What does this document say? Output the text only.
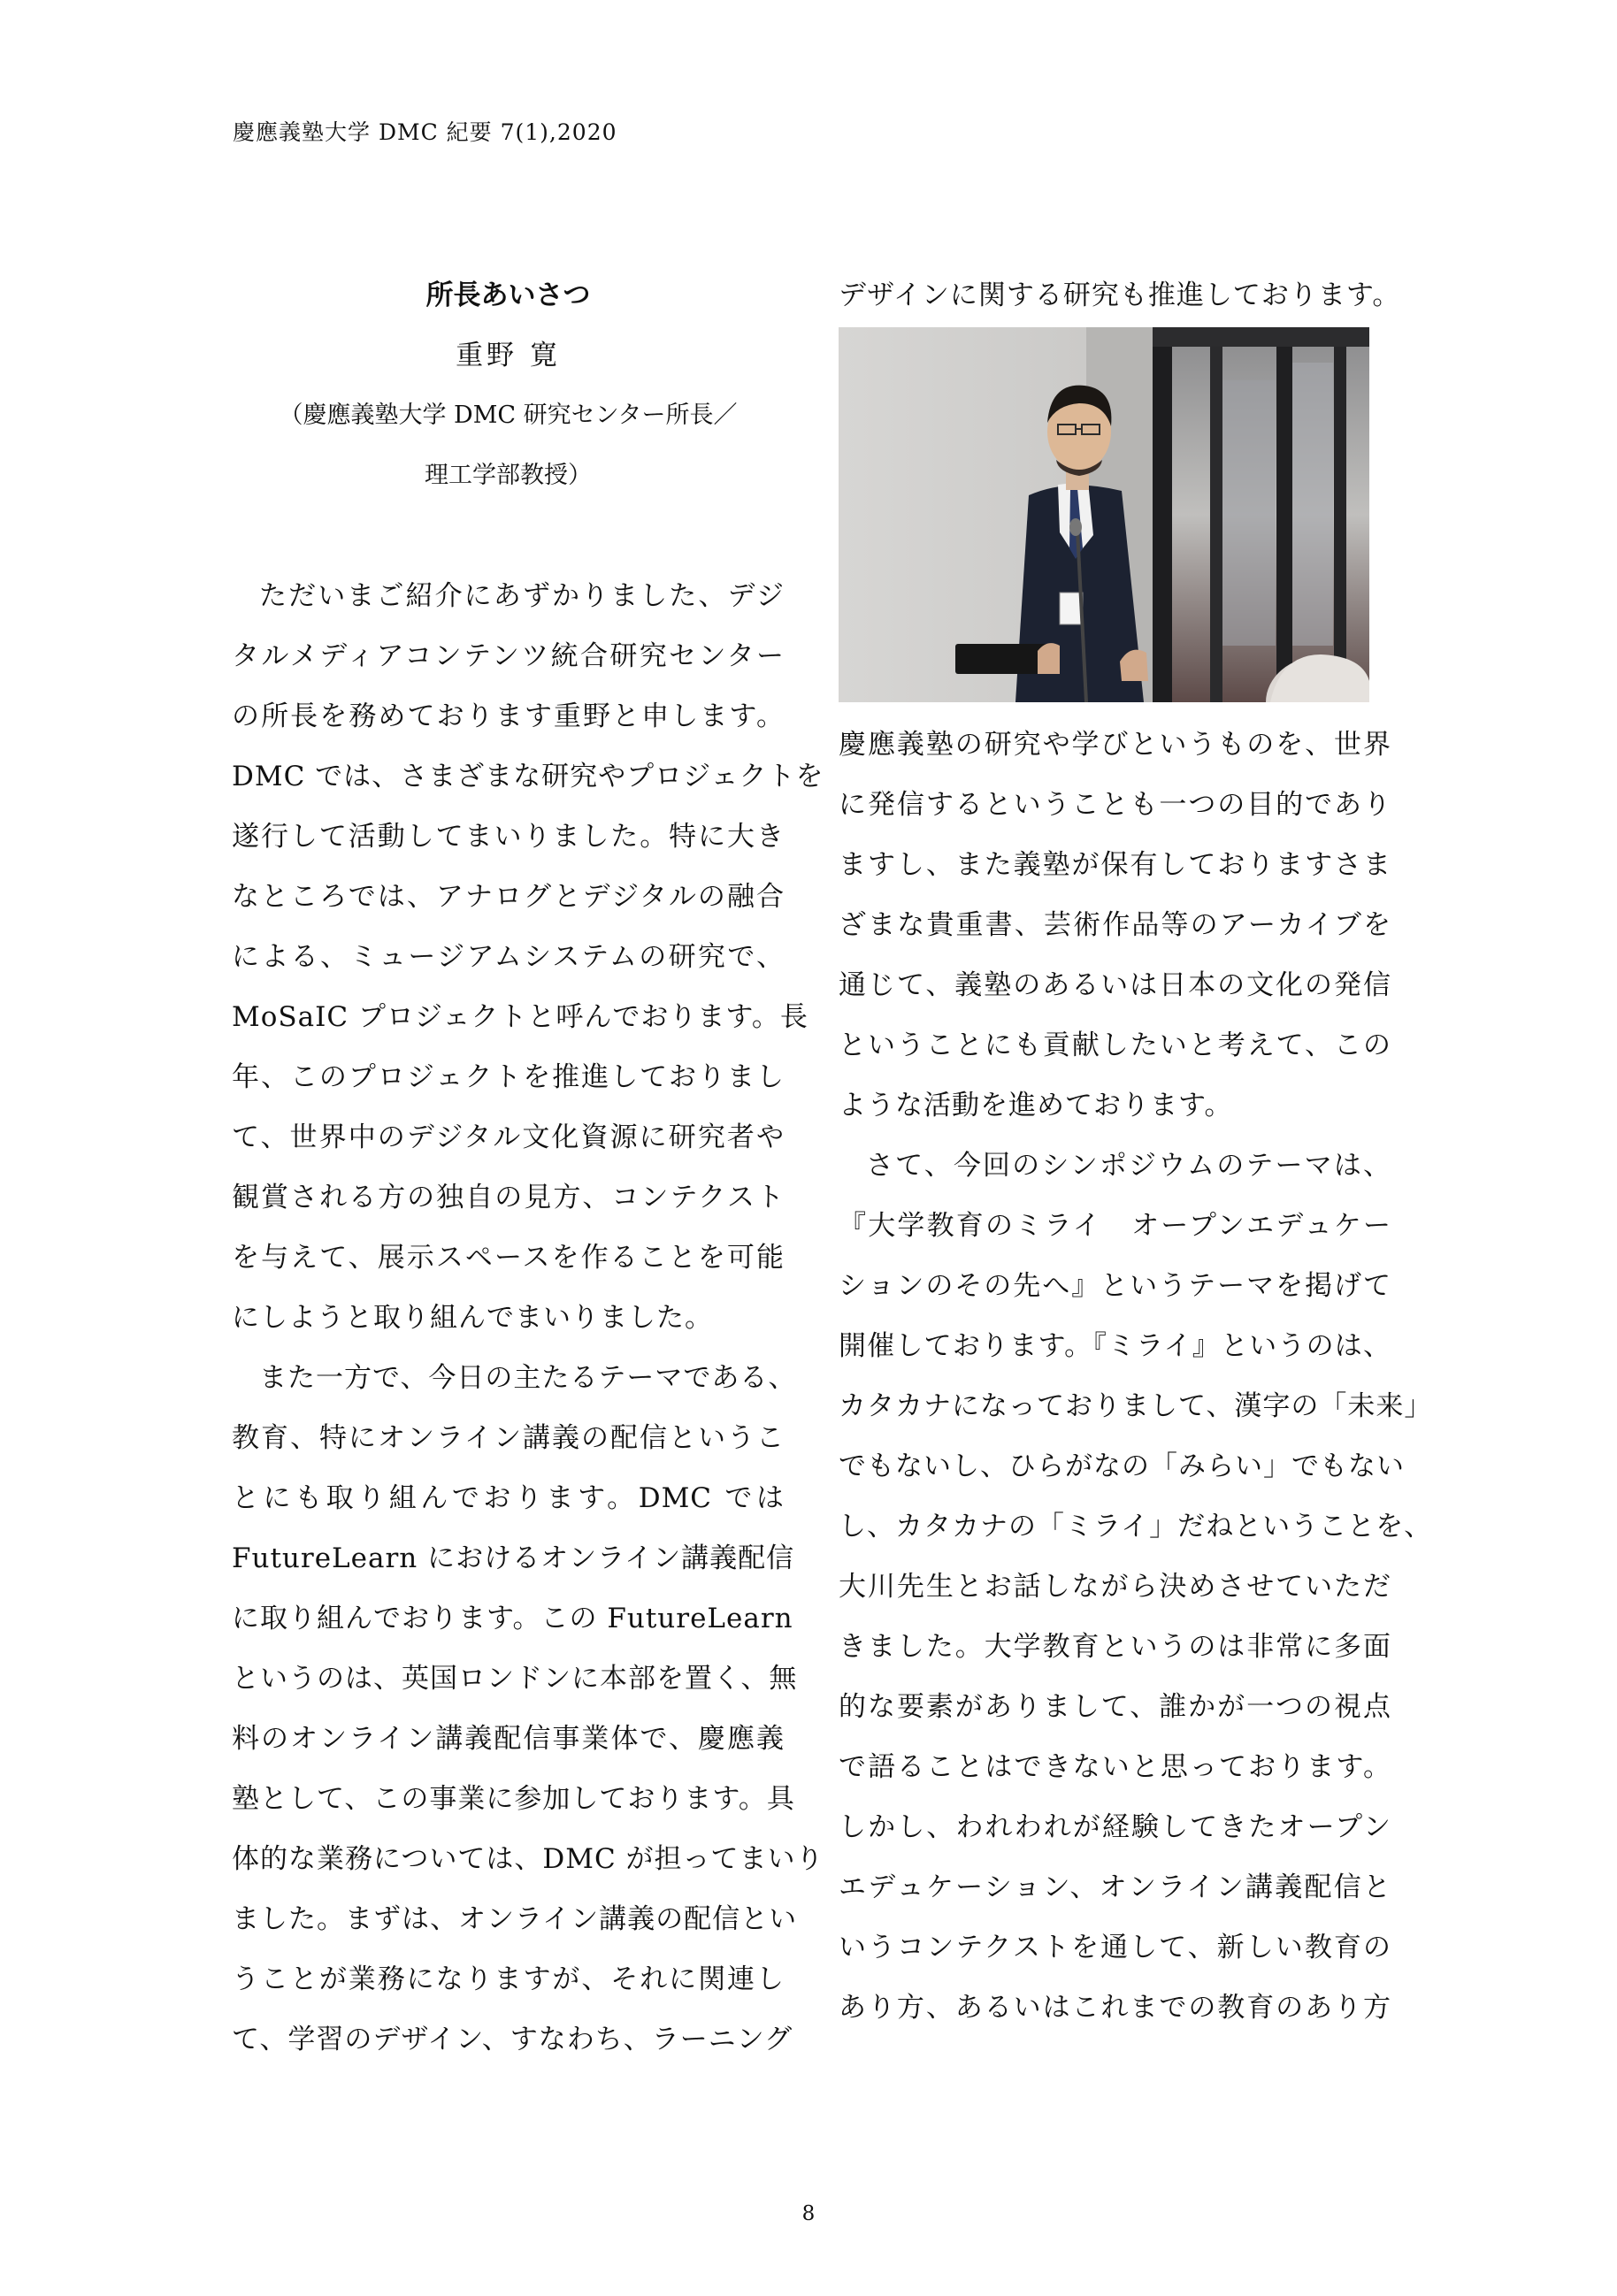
慶應義塾大学 DMC 紀要 7(1),2020
所長あいさつ
重野 寛
（慶應義塾大学 DMC 研究センター所長／
理工学部教授）
ただいまご紹介にあずかりました、デジ
タルメディアコンテンツ統合研究センター
の所長を務めております重野と申します。
DMC では、さまざまな研究やプロジェクトを
遂行して活動してまいりました。特に大き
なところでは、アナログとデジタルの融合
による、ミュージアムシステムの研究で、
MoSaIC プロジェクトと呼んでおります。長
年、このプロジェクトを推進しておりまし
て、世界中のデジタル文化資源に研究者や
観賞される方の独自の見方、コンテクスト
を与えて、展示スペースを作ることを可能
にしようと取り組んでまいりました。
また一方で、今日の主たるテーマである、
教育、特にオンライン講義の配信というこ
とにも取り組んでおります。DMC では
FutureLearn におけるオンライン講義配信
に取り組んでおります。この FutureLearn
というのは、英国ロンドンに本部を置く、無
料のオンライン講義配信事業体で、慶應義
塾として、この事業に参加しております。具
体的な業務については、DMC が担ってまいり
ました。まずは、オンライン講義の配信とい
うことが業務になりますが、それに関連し
て、学習のデザイン、すなわち、ラーニング
デザインに関する研究も推進しております。
慶應義塾の研究や学びというものを、世界
に発信するということも一つの目的であり
ますし、また義塾が保有しておりますさま
ざまな貴重書、芸術作品等のアーカイブを
通じて、義塾のあるいは日本の文化の発信
ということにも貢献したいと考えて、この
ような活動を進めております。
さて、今回のシンポジウムのテーマは、
『大学教育のミライ　オープンエデュケー
ションのその先へ』というテーマを掲げて
開催しております。『ミライ』というのは、
カタカナになっておりまして、漢字の「未来」
でもないし、ひらがなの「みらい」でもない
し、カタカナの「ミライ」だねということを、
大川先生とお話しながら決めさせていただ
きました。大学教育というのは非常に多面
的な要素がありまして、誰かが一つの視点
で語ることはできないと思っております。
しかし、われわれが経験してきたオープン
エデュケーション、オンライン講義配信と
いうコンテクストを通して、新しい教育の
あり方、あるいはこれまでの教育のあり方
8
